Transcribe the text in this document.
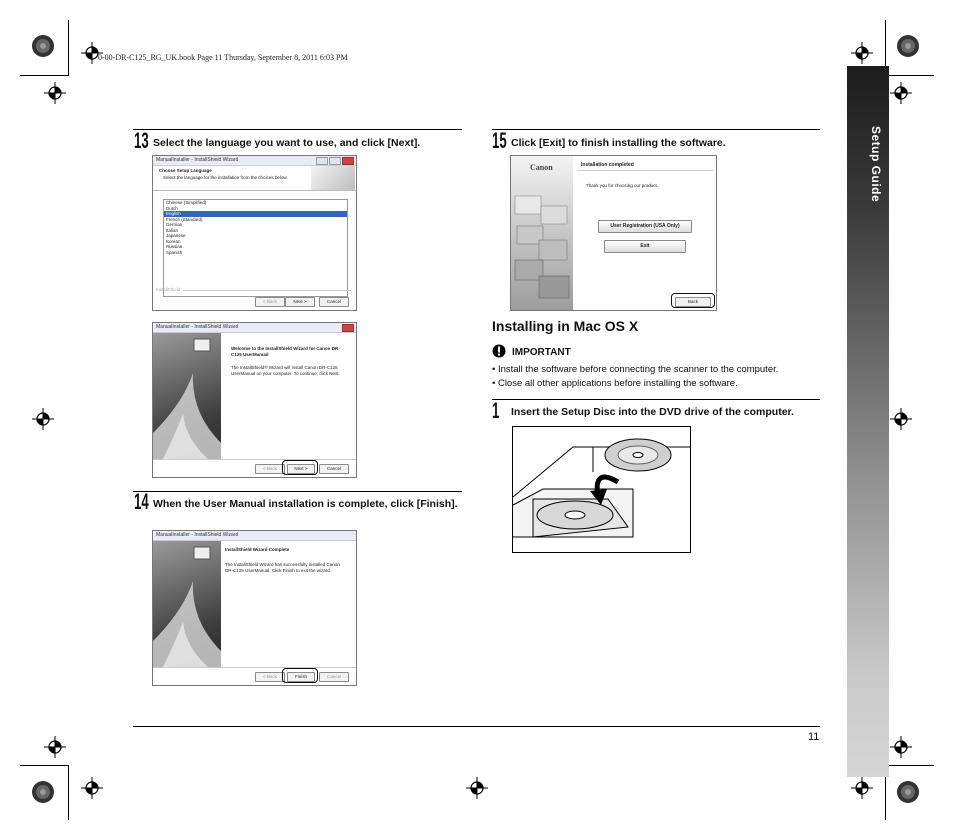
0-00-DR-C125_RG_UK.book Page 11 Thursday, September 8, 2011 6:03 PM
Setup Guide
13 Select the language you want to use, and click [Next].
ManualInstaller - InstallShield Wizard
Choose Setup Language
Select the language for the installation from the choices below.
Chinese (Simplified)
Dutch
English
French (Standard)
German
Italian
Japanese
Korean
Russian
Spanish
InstallShield
< Back	Next >	Cancel
ManualInstaller - InstallShield Wizard
Welcome to the InstallShield Wizard for Canon DR-C125 UserManual
The InstallShield® Wizard will install Canon DR-C125 UserManual on your computer. To continue, click Next.
< Back	Next >	Cancel
14 When the User Manual installation is complete, click [Finish].
ManualInstaller - InstallShield Wizard
InstallShield Wizard Complete
The InstallShield Wizard has successfully installed Canon DR-C125 UserManual. Click Finish to exit the wizard.
< Back	Finish	Cancel
15 Click [Exit] to finish installing the software.
Canon	Installation completed
Thank you for choosing our product.
User Registration (USA Only)
Exit
Back
Installing in Mac OS X
IMPORTANT
• Install the software before connecting the scanner to the computer.
• Close all other applications before installing the software.
1 Insert the Setup Disc into the DVD drive of the computer.
11
